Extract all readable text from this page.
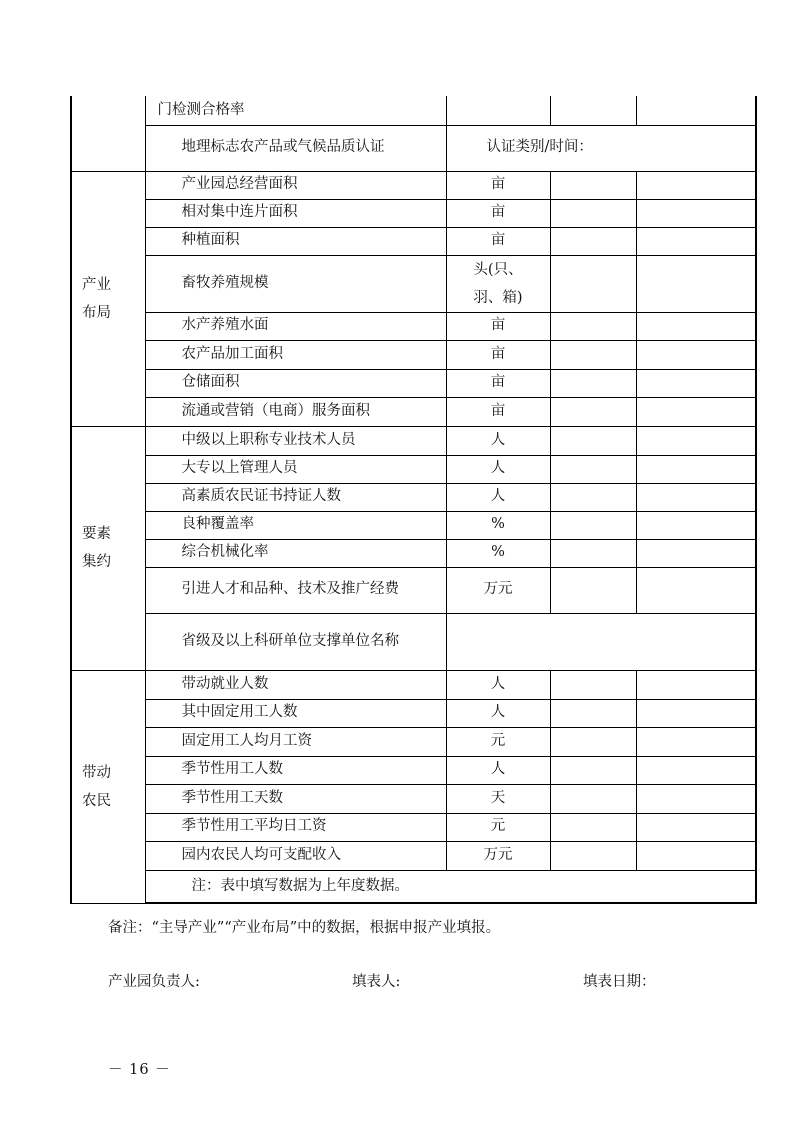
	门检测合格率			
	地理标志农产品或气候品质认证	认证类别/时间：		

产业
布局	产业园总经营面积	亩		
	相对集中连片面积	亩		
	种植面积	亩		
	畜牧养殖规模	头(只、
羽、箱)		

	水产养殖水面	亩		
	农产品加工面积	亩		
	仓储面积	亩		
	流通或营销（电商）服务面积	亩		

要素
集约	中级以上职称专业技术人员	人		
	大专以上管理人员	人		
	高素质农民证书持证人数	人		
	良种覆盖率	%		
	综合机械化率	%		
	引进人才和品种、技术及推广经费	万元		
	省级及以上科研单位支撑单位名称			

带动
农民	带动就业人数	人		
	其中固定用工人数	人		
	固定用工人均月工资	元		
	季节性用工人数	人		
	季节性用工天数	天		
	季节性用工平均日工资	元		
	园内农民人均可支配收入	万元		
	注：表中填写数据为上年度数据。			
备注：“主导产业”“产业布局”中的数据，根据申报产业填报。
产业园负责人:	填表人:	填表日期：
－ 16 －
